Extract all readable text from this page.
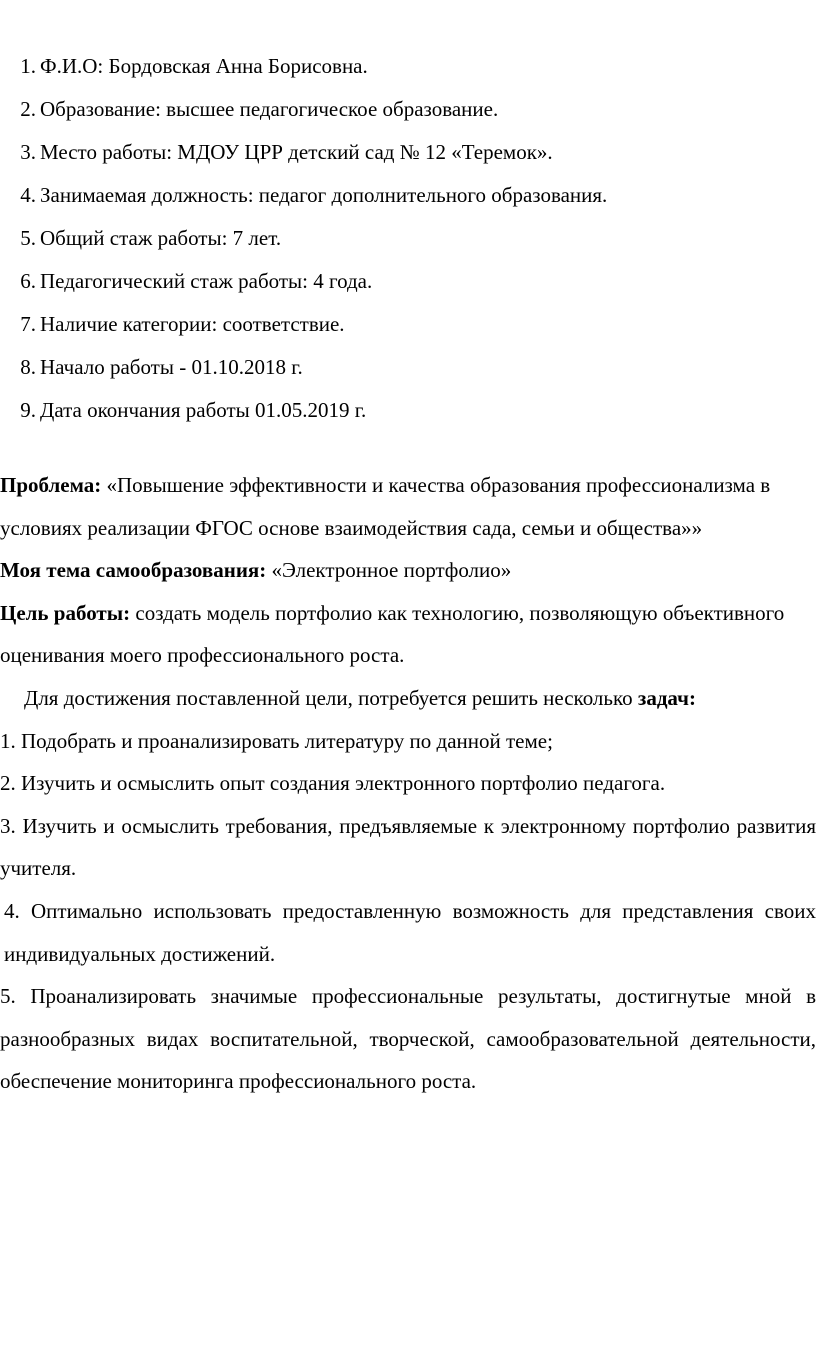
1. Ф.И.О: Бордовская Анна Борисовна.
2. Образование: высшее педагогическое образование.
3. Место работы: МДОУ ЦРР детский сад № 12 «Теремок».
4. Занимаемая должность: педагог дополнительного образования.
5. Общий стаж работы: 7 лет.
6. Педагогический стаж работы: 4 года.
7. Наличие категории: соответствие.
8. Начало работы - 01.10.2018 г.
9. Дата окончания работы 01.05.2019 г.

Проблема: «Повышение эффективности и качества образования профессионализма в условиях реализации ФГОС основе взаимодействия сада, семьи и общества»»

Моя тема самообразования: «Электронное портфолио»

Цель работы: создать модель портфолио как технологию, позволяющую объективного оценивания моего профессионального роста.

Для достижения поставленной цели, потребуется решить несколько задач:

1. Подобрать и проанализировать литературу по данной теме;

2. Изучить и осмыслить опыт создания электронного портфолио педагога.

3. Изучить и осмыслить требования, предъявляемые к электронному портфолио развития учителя.

4. Оптимально использовать предоставленную возможность для представления своих индивидуальных достижений.

5. Проанализировать значимые профессиональные результаты, достигнутые мной в разнообразных видах воспитательной, творческой, самообразовательной деятельности, обеспечение мониторинга профессионального роста.
